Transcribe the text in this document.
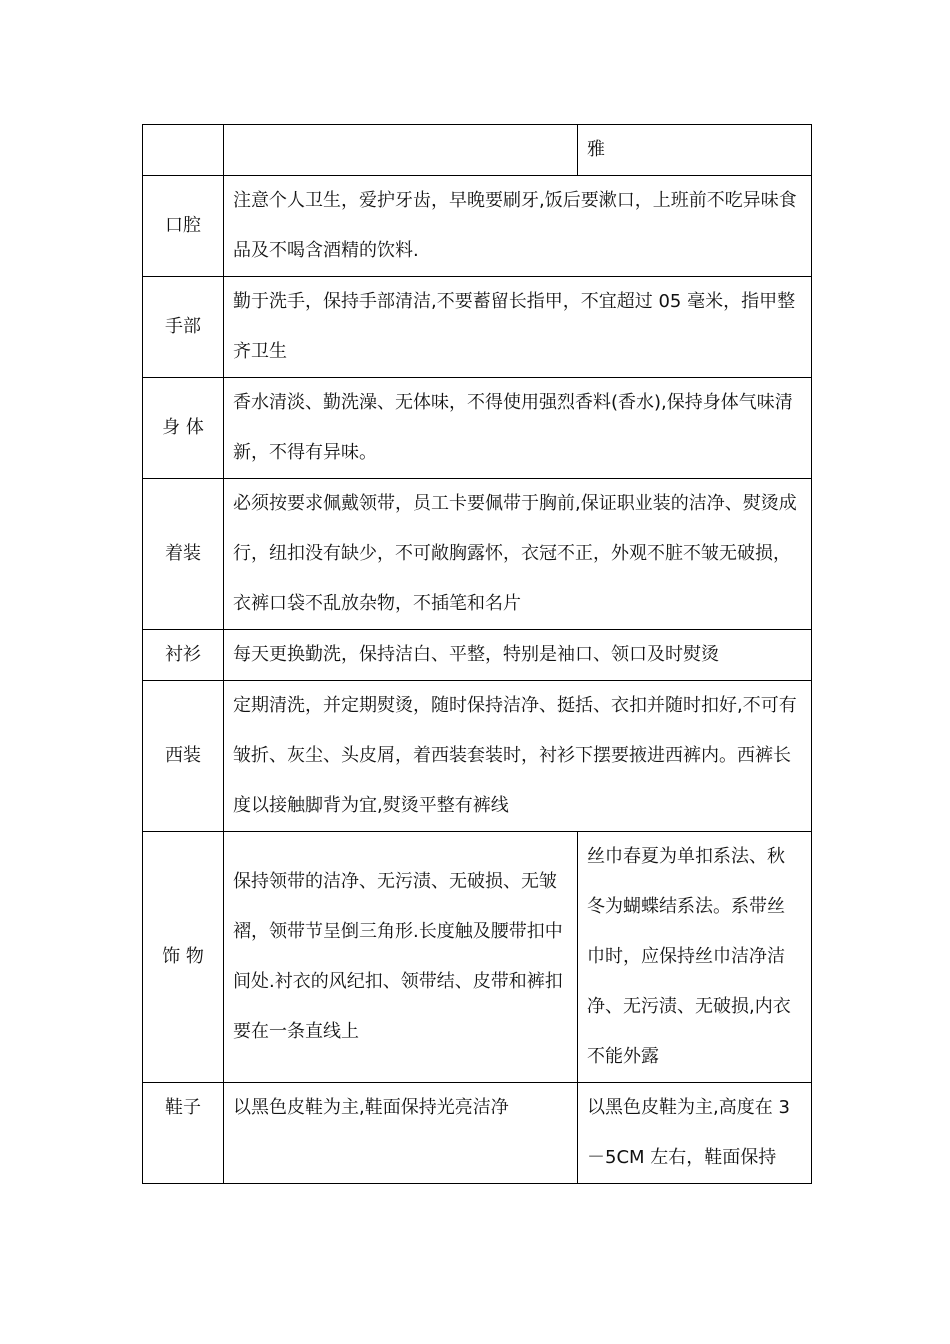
		雅
口腔	注意个人卫生，爱护牙齿，早晚要刷牙,饭后要漱口，上班前不吃异味食品及不喝含酒精的饮料.	
手部	勤于洗手，保持手部清洁,不要蓄留长指甲，不宜超过 05 毫米，指甲整齐卫生	
身 体	香水清淡、勤洗澡、无体味，不得使用强烈香料(香水),保持身体气味清新，不得有异味。	
着装	必须按要求佩戴领带，员工卡要佩带于胸前,保证职业装的洁净、熨烫成行，纽扣没有缺少，不可敞胸露怀，衣冠不正，外观不脏不皱无破损，衣裤口袋不乱放杂物，不插笔和名片	
衬衫	每天更换勤洗，保持洁白、平整，特别是袖口、领口及时熨烫	
西装	定期清洗，并定期熨烫，随时保持洁净、挺括、衣扣并随时扣好,不可有皱折、灰尘、头皮屑，着西装套装时，衬衫下摆要掖进西裤内。西裤长度以接触脚背为宜,熨烫平整有裤线	
饰 物	保持领带的洁净、无污渍、无破损、无皱褶，领带节呈倒三角形.长度触及腰带扣中间处.衬衣的风纪扣、领带结、皮带和裤扣要在一条直线上	丝巾春夏为单扣系法、秋冬为蝴蝶结系法。系带丝巾时，应保持丝巾洁净洁净、无污渍、无破损,内衣不能外露
鞋子	以黑色皮鞋为主,鞋面保持光亮洁净	以黑色皮鞋为主,高度在 3 －5CM 左右，鞋面保持
